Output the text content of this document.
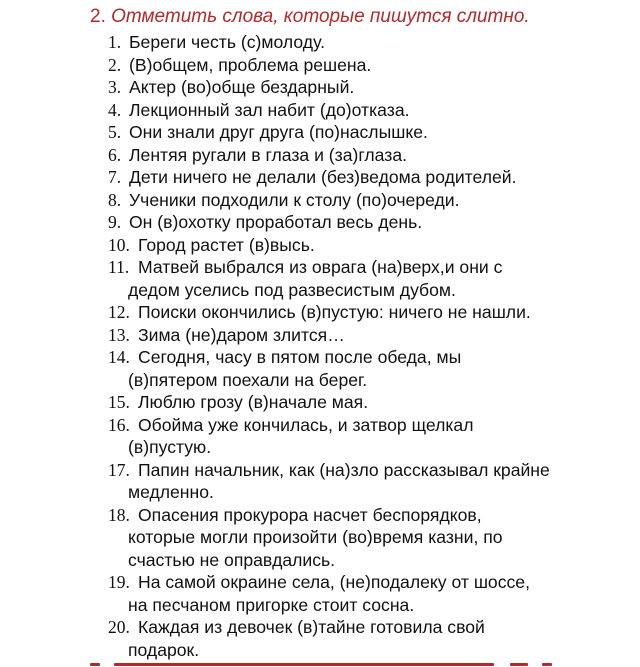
2. Отметить слова, которые пишутся слитно.
1. Береги честь (с)молоду.
2. (В)общем, проблема решена.
3. Актер (во)обще бездарный.
4. Лекционный зал набит (до)отказа.
5. Они знали друг друга (по)наслышке.
6. Лентяя ругали в глаза и (за)глаза.
7. Дети ничего не делали (без)ведома родителей.
8. Ученики подходили к столу (по)очереди.
9. Он (в)охотку проработал весь день.
10. Город растет (в)высь.
11. Матвей выбрался из оврага (на)верх,и они с
дедом уселись под развесистым дубом.
12. Поиски окончились (в)пустую: ничего не нашли.
13. Зима (не)даром злится…
14. Сегодня, часу в пятом после обеда, мы
(в)пятером поехали на берег.
15. Люблю грозу (в)начале мая.
16. Обойма уже кончилась, и затвор щелкал
(в)пустую.
17. Папин начальник, как (на)зло рассказывал крайне
медленно.
18. Опасения прокурора насчет беспорядков,
которые могли произойти (во)время казни, по
счастью не оправдались.
19. На самой окраине села, (не)подалеку от шоссе,
на песчаном пригорке стоит сосна.
20. Каждая из девочек (в)тайне готовила свой
подарок.
